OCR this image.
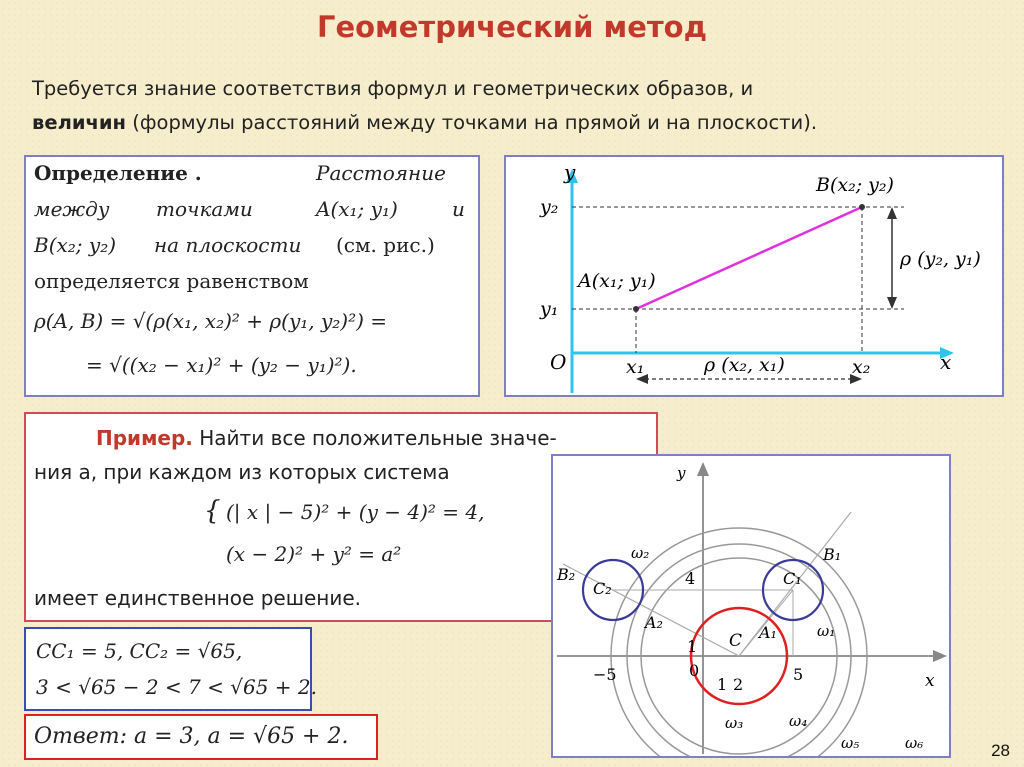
Геометрический метод
Требуется знание соответствия формул и геометрических образов, и
величин (формулы расстояний между точками на прямой и на плоскости).
Определение .	Расстояние
между точками	A(x₁; y₁)	и
B(x₂; y₂) на плоскости (см. рис.)
определяется равенством
ρ(A, B) = √(ρ(x₁, x₂)² + ρ(y₁, y₂)²) =
= √((x₂ − x₁)² + (y₂ − y₁)²).
y
x
O
y₂
y₁
x₁	x₂
A(x₁; y₁)
B(x₂; y₂)
ρ (y₂, y₁)
ρ (x₂, x₁)
Пример. Найти все положительные значе-
ния a, при каждом из которых система
{ (| x | − 5)² + (y − 4)² = 4,
(x − 2)² + y² = a²
имеет единственное решение.
y
x
ω₂
ω₁
ω₃	ω₄
ω₅	ω₆
B₁
B₂
A₁
A₂
C
C₁
C₂
4
1
0
1 2
5
−5
CC₁ = 5, CC₂ = √65,
3 < √65 − 2 < 7 < √65 + 2.
Ответ: a = 3, a = √65 + 2.
28
